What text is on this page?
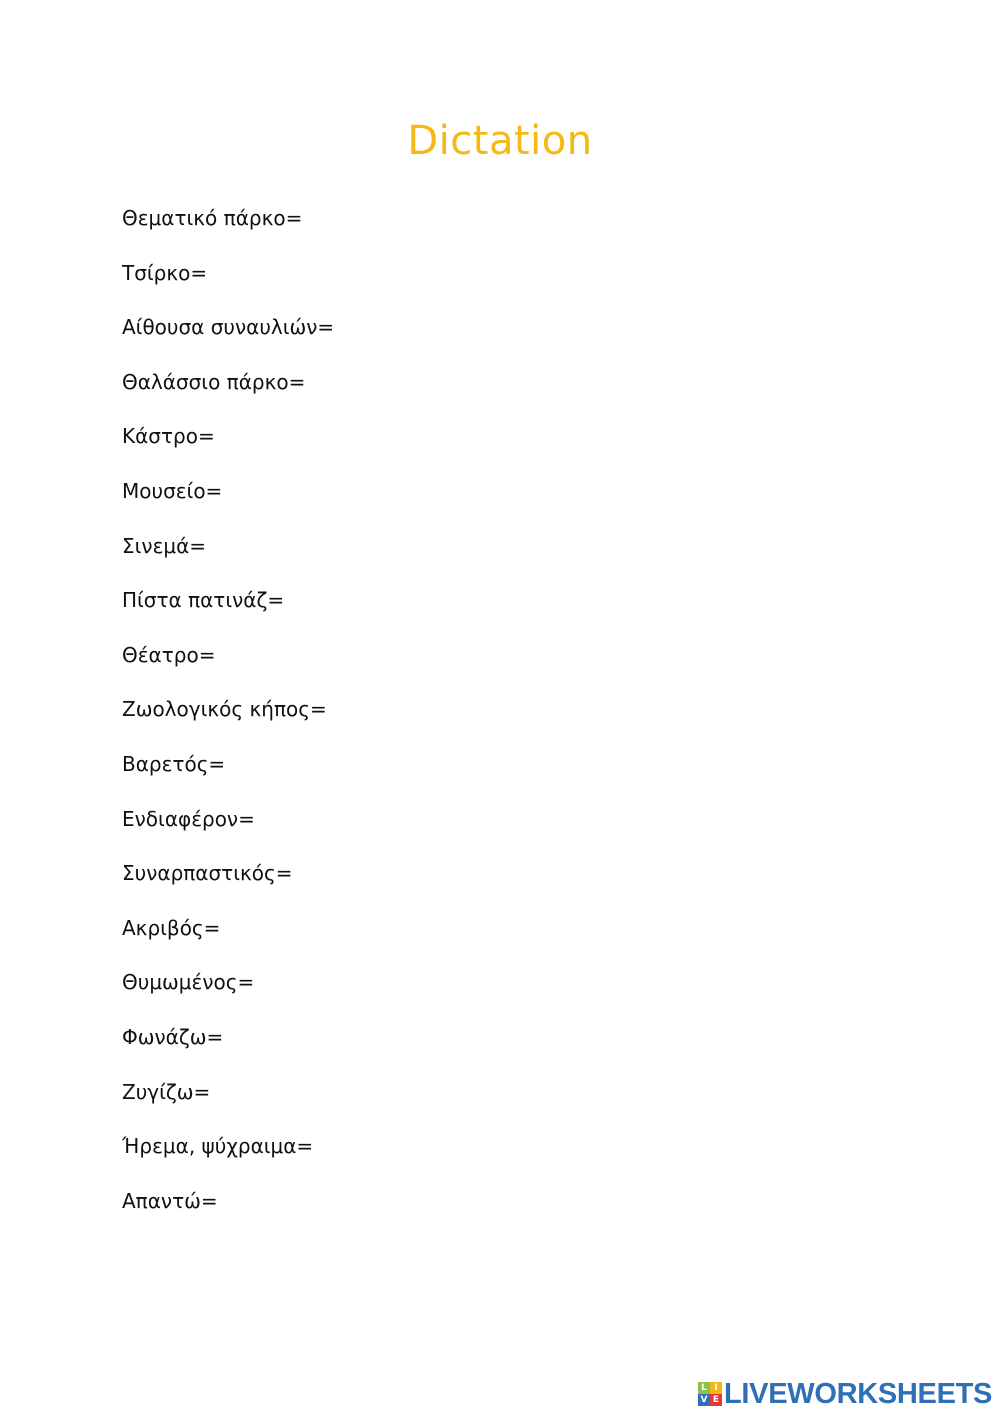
Dictation
Θεματικό πάρκο=
Τσίρκο=
Αίθουσα συναυλιών=
Θαλάσσιο πάρκο=
Κάστρο=
Μουσείο=
Σινεμά=
Πίστα πατινάζ=
Θέατρο=
Ζωολογικός κήπος=
Βαρετός=
Ενδιαφέρον=
Συναρπαστικός=
Ακριβός=
Θυμωμένος=
Φωνάζω=
Ζυγίζω=
Ήρεμα, ψύχραιμα=
Απαντώ=
L I
V E LIVEWORKSHEETS
